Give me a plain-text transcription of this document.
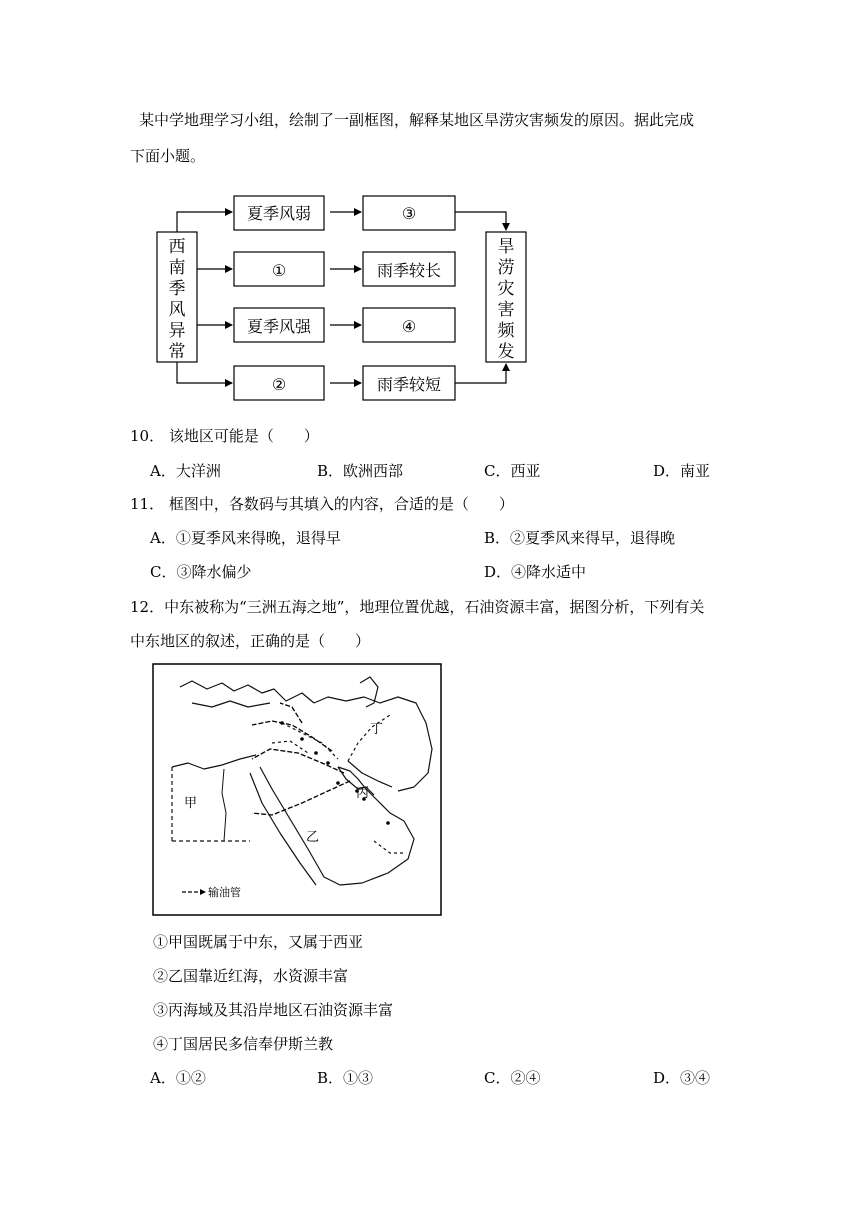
某中学地理学习小组，绘制了一副框图，解释某地区旱涝灾害频发的原因。据此完成
下面小题。
西
南
季
风
异
常
旱
涝
灾
害
频
发
夏季风弱
①
夏季风强
②
③
雨季较长
④
雨季较短
10． 该地区可能是（　　）
A．大洋洲	B．欧洲西部	C．西亚	D．南亚
11． 框图中，各数码与其填入的内容，合适的是（　　）
A．①夏季风来得晚，退得早	B．②夏季风来得早，退得晚
C．③降水偏少	D．④降水适中
12．中东被称为“三洲五海之地”，地理位置优越，石油资源丰富，据图分析，下列有关
中东地区的叙述，正确的是（　　）
甲
乙
丙
丁
输油管
①甲国既属于中东，又属于西亚
②乙国靠近红海，水资源丰富
③丙海域及其沿岸地区石油资源丰富
④丁国居民多信奉伊斯兰教
A．①②	B．①③	C．②④	D．③④
